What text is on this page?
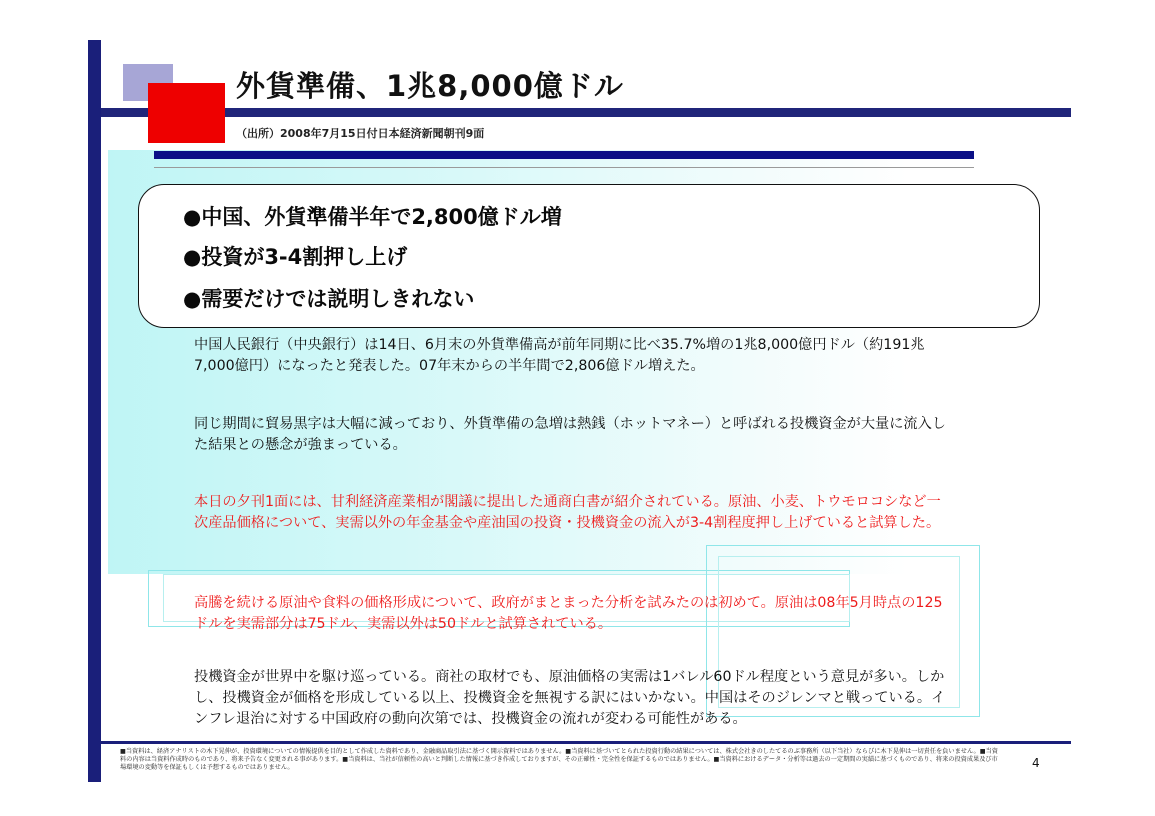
外貨準備、1兆8,000億ドル
（出所）2008年7月15日付日本経済新聞朝刊9面
●中国、外貨準備半年で2,800億ドル増
●投資が3-4割押し上げ
●需要だけでは説明しきれない
中国人民銀行（中央銀行）は14日、6月末の外貨準備高が前年同期に比べ35.7%増の1兆8,000億円ドル（約191兆7,000億円）になったと発表した。07年末からの半年間で2,806億ドル増えた。
同じ期間に貿易黒字は大幅に減っており、外貨準備の急増は熱銭（ホットマネー）と呼ばれる投機資金が大量に流入した結果との懸念が強まっている。
本日の夕刊1面には、甘利経済産業相が閣議に提出した通商白書が紹介されている。原油、小麦、トウモロコシなど一次産品価格について、実需以外の年金基金や産油国の投資・投機資金の流入が3-4割程度押し上げていると試算した。
高騰を続ける原油や食料の価格形成について、政府がまとまった分析を試みたのは初めて。原油は08年5月時点の125ドルを実需部分は75ドル、実需以外は50ドルと試算されている。
投機資金が世界中を駆け巡っている。商社の取材でも、原油価格の実需は1バレル60ドル程度という意見が多い。しかし、投機資金が価格を形成している以上、投機資金を無視する訳にはいかない。中国はそのジレンマと戦っている。インフレ退治に対する中国政府の動向次第では、投機資金の流れが変わる可能性がある。
■当資料は、経済アナリストの木下晃伸が、投資環境についての情報提供を目的として作成した資料であり、金融商品取引法に基づく開示資料ではありません。■当資料に基づいてとられた投資行動の結果については、株式会社きのしたてるのぶ事務所（以下当社）ならびに木下晃伸は一切責任を負いません。■当資料の内容は当資料作成時のものであり、将来予告なく変更される事があります。■当資料は、当社が信頼性の高いと判断した情報に基づき作成しておりますが、その正確性・完全性を保証するものではありません。■当資料におけるデータ・分析等は過去の一定期間の実績に基づくものであり、将来の投資成果及び市場環境の変動等を保証もしくは予想するものではありません。	4
